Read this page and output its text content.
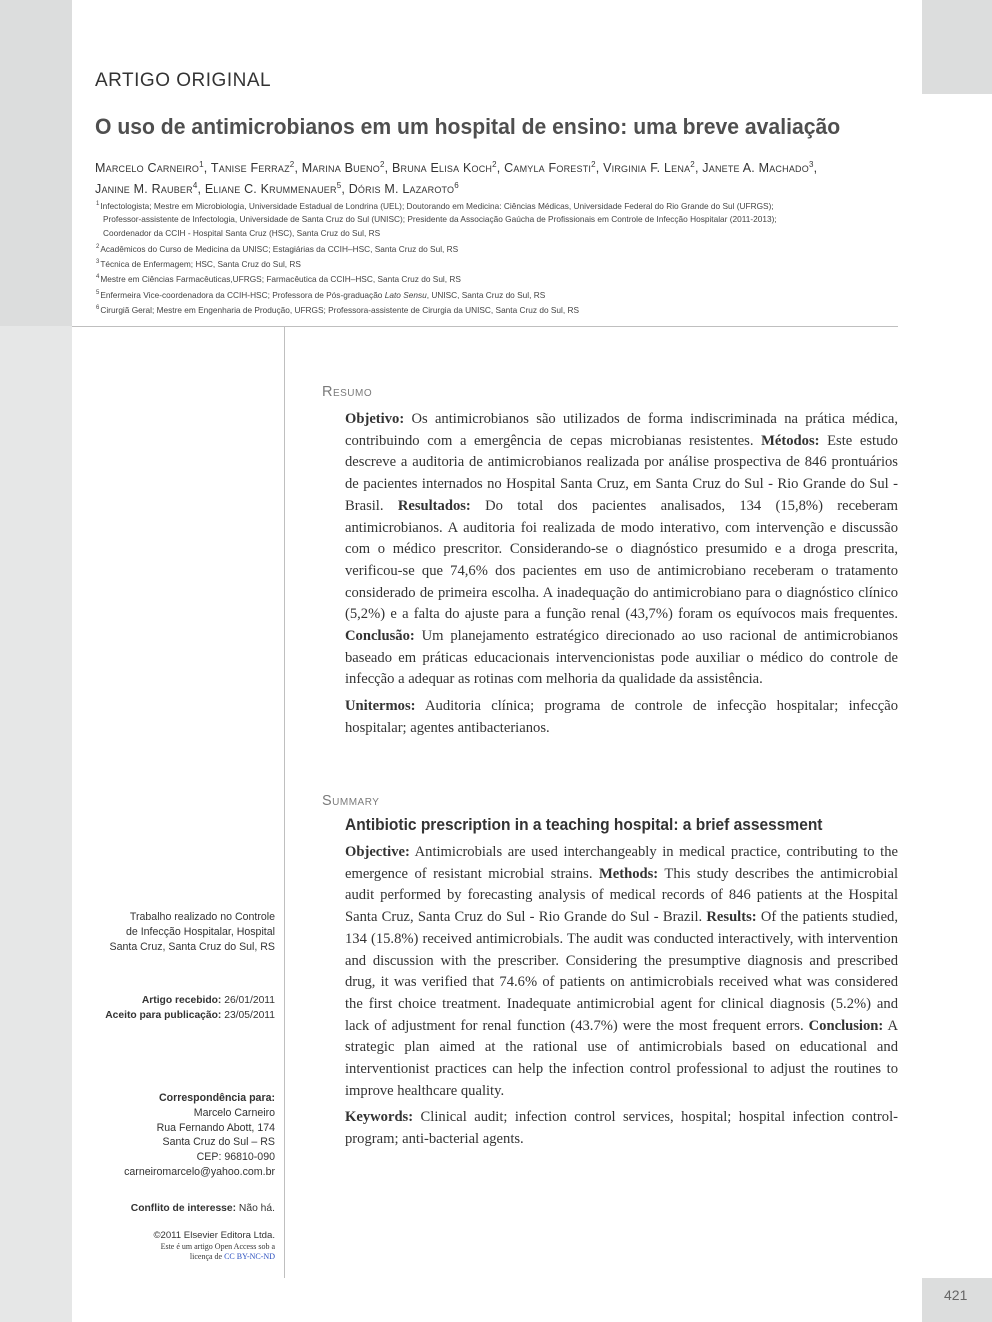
ARTIGO ORIGINAL
O uso de antimicrobianos em um hospital de ensino: uma breve avaliação
Marcelo Carneiro$^1$, Tanise Ferraz$^2$, Marina Bueno$^2$, Bruna Elisa Koch$^2$, Camyla Foresti$^2$, Virginia F. Lena$^2$, Janete A. Machado$^3$,
Janine M. Rauber$^4$, Eliane C. Krummenauer$^5$, Dóris M. Lazaroto$^6$
$^1$Infectologista; Mestre em Microbiologia, Universidade Estadual de Londrina (UEL); Doutorando em Medicina: Ciências Médicas, Universidade Federal do Rio Grande do Sul (UFRGS);
Professor-assistente de Infectologia, Universidade de Santa Cruz do Sul (UNISC); Presidente da Associação Gaúcha de Profissionais em Controle de Infecção Hospitalar (2011-2013);
Coordenador da CCIH - Hospital Santa Cruz (HSC), Santa Cruz do Sul, RS
$^2$Acadêmicos do Curso de Medicina da UNISC; Estagiárias da CCIH–HSC, Santa Cruz do Sul, RS
$^3$Técnica de Enfermagem; HSC, Santa Cruz do Sul, RS
$^4$Mestre em Ciências Farmacêuticas,UFRGS; Farmacêutica da CCIH–HSC, Santa Cruz do Sul, RS
$^5$Enfermeira Vice-coordenadora da CCIH-HSC; Professora de Pós-graduação Lato Sensu, UNISC, Santa Cruz do Sul, RS
$^6$Cirurgiã Geral; Mestre em Engenharia de Produção, UFRGS; Professora-assistente de Cirurgia da UNISC, Santa Cruz do Sul, RS
Resumo

Objetivo: Os antimicrobianos são utilizados de forma indiscriminada na prática médica, contribuindo com a emergência de cepas microbianas resistentes. Métodos: Este estudo descreve a auditoria de antimicrobianos realizada por análise prospectiva de 846 prontuários de pacientes internados no Hospital Santa Cruz, em Santa Cruz do Sul - Rio Grande do Sul - Brasil. Resultados: Do total dos pacientes analisados, 134 (15,8%) receberam antimicrobianos. A auditoria foi realizada de modo interativo, com intervenção e discussão com o médico prescritor. Considerando-se o diagnóstico presumido e a droga prescrita, verificou-se que 74,6% dos pacientes em uso de antimicrobiano receberam o tratamento considerado de primeira escolha. A inadequação do antimicrobiano para o diagnóstico clínico (5,2%) e a falta do ajuste para a função renal (43,7%) foram os equívocos mais frequentes. Conclusão: Um planejamento estratégico direcionado ao uso racional de antimicrobianos baseado em práticas educacionais intervencionistas pode auxiliar o médico do controle de infecção a adequar as rotinas com melhoria da qualidade da assistência.

Unitermos: Auditoria clínica; programa de controle de infecção hospitalar; infecção hospitalar; agentes antibacterianos.

Summary
Antibiotic prescription in a teaching hospital: a brief assessment

Objective: Antimicrobials are used interchangeably in medical practice, contributing to the emergence of resistant microbial strains. Methods: This study describes the antimicrobial audit performed by forecasting analysis of medical records of 846 patients at the Hospital Santa Cruz, Santa Cruz do Sul - Rio Grande do Sul - Brazil. Results: Of the patients studied, 134 (15.8%) received antimicrobials. The audit was conducted interactively, with intervention and discussion with the prescriber. Considering the presumptive diagnosis and prescribed drug, it was verified that 74.6% of patients on antimicrobials received what was considered the first choice treatment. Inadequate antimicrobial agent for clinical diagnosis (5.2%) and lack of adjustment for renal function (43.7%) were the most frequent errors. Conclusion: A strategic plan aimed at the rational use of antimicrobials based on educational and interventionist practices can help the infection control professional to adjust the routines to improve healthcare quality.

Keywords: Clinical audit; infection control services, hospital; hospital infection control-program; anti-bacterial agents.

Trabalho realizado no Controle
de Infecção Hospitalar, Hospital
Santa Cruz, Santa Cruz do Sul, RS
Artigo recebido: 26/01/2011
Aceito para publicação: 23/05/2011
Correspondência para:
Marcelo Carneiro
Rua Fernando Abott, 174
Santa Cruz do Sul – RS
CEP: 96810-090
carneiromarcelo@yahoo.com.br
Conflito de interesse: Não há.
©2011 Elsevier Editora Ltda.
Este é um artigo Open Access sob a
licença de CC BY-NC-ND
421
